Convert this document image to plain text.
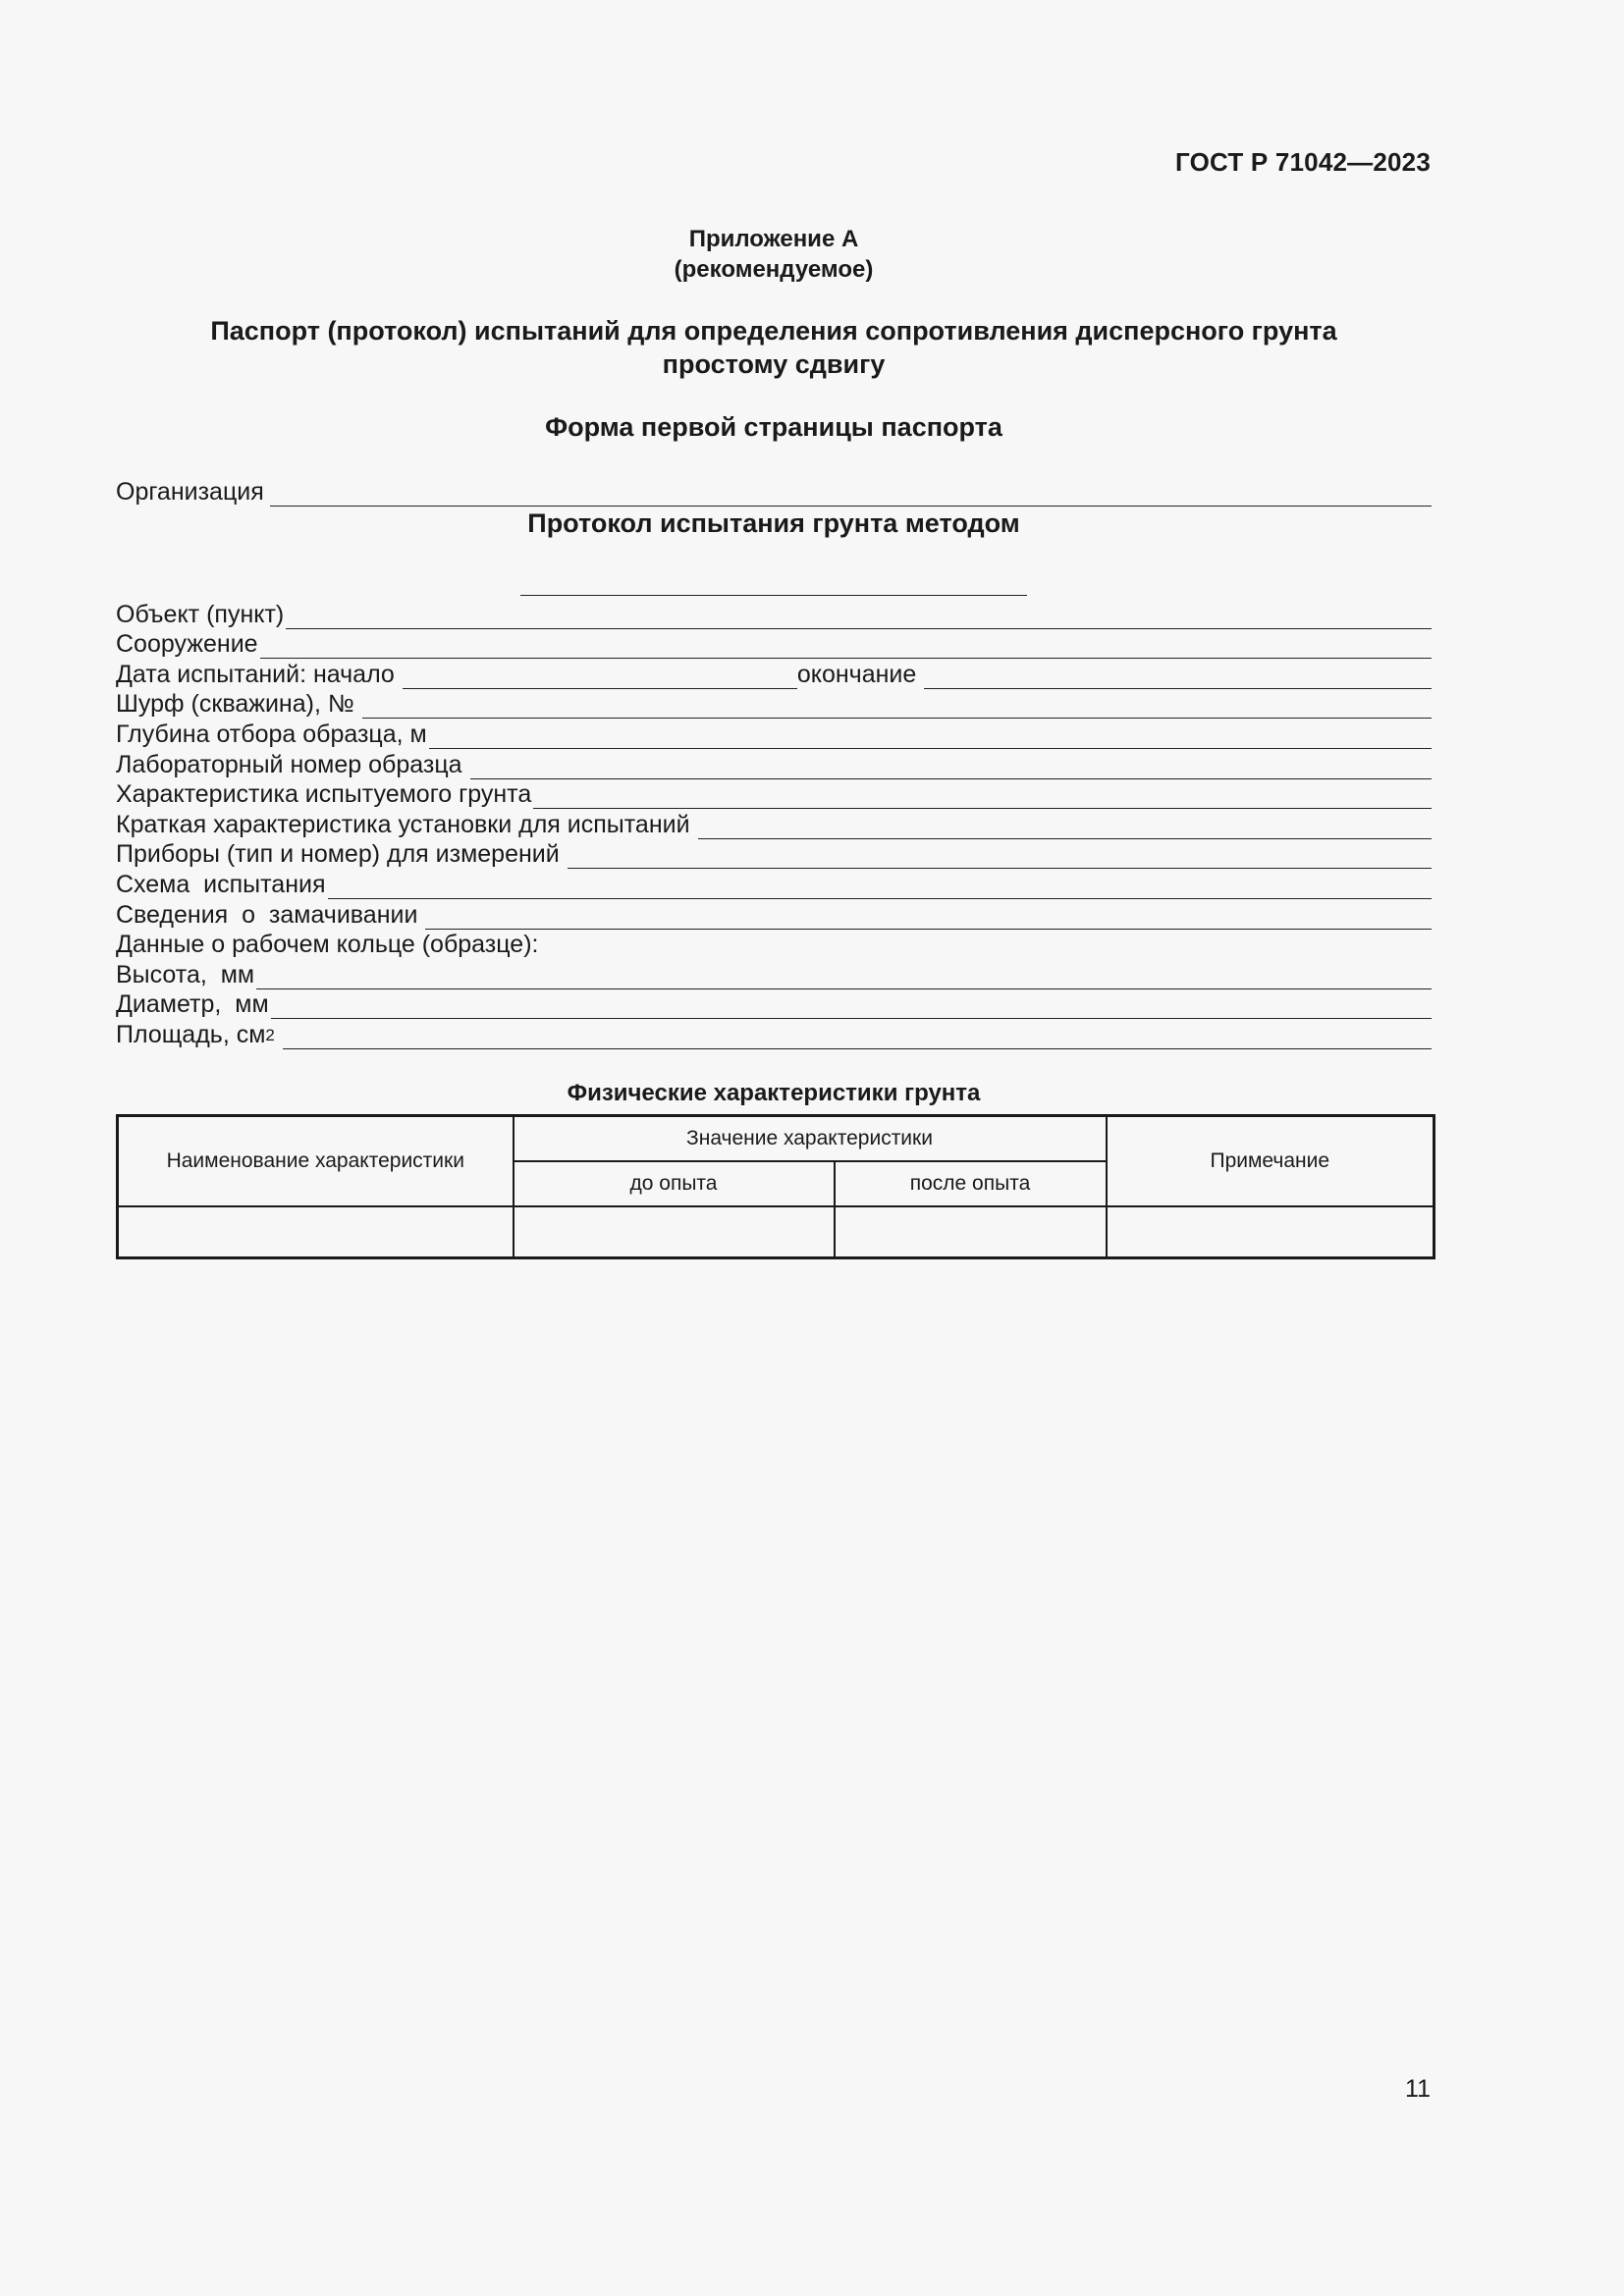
ГОСТ Р 71042—2023
Приложение А
(рекомендуемое)
Паспорт (протокол) испытаний для определения сопротивления дисперсного грунта
простому сдвигу
Форма первой страницы паспорта
Организация
Протокол испытания грунта методом
Объект (пункт)
Сооружение
Дата испытаний: начало	окончание
Шурф (скважина), №
Глубина отбора образца, м
Лабораторный номер образца
Характеристика испытуемого грунта
Краткая характеристика установки для испытаний
Приборы (тип и номер) для измерений
Схема  испытания
Сведения  о  замачивании
Данные о рабочем кольце (образце):
Высота,  мм
Диаметр,  мм
Площадь, $см^2$
Физические характеристики грунта
Наименование характеристики	Значение характеристики		Примечание
	до опыта	после опыта	

11
